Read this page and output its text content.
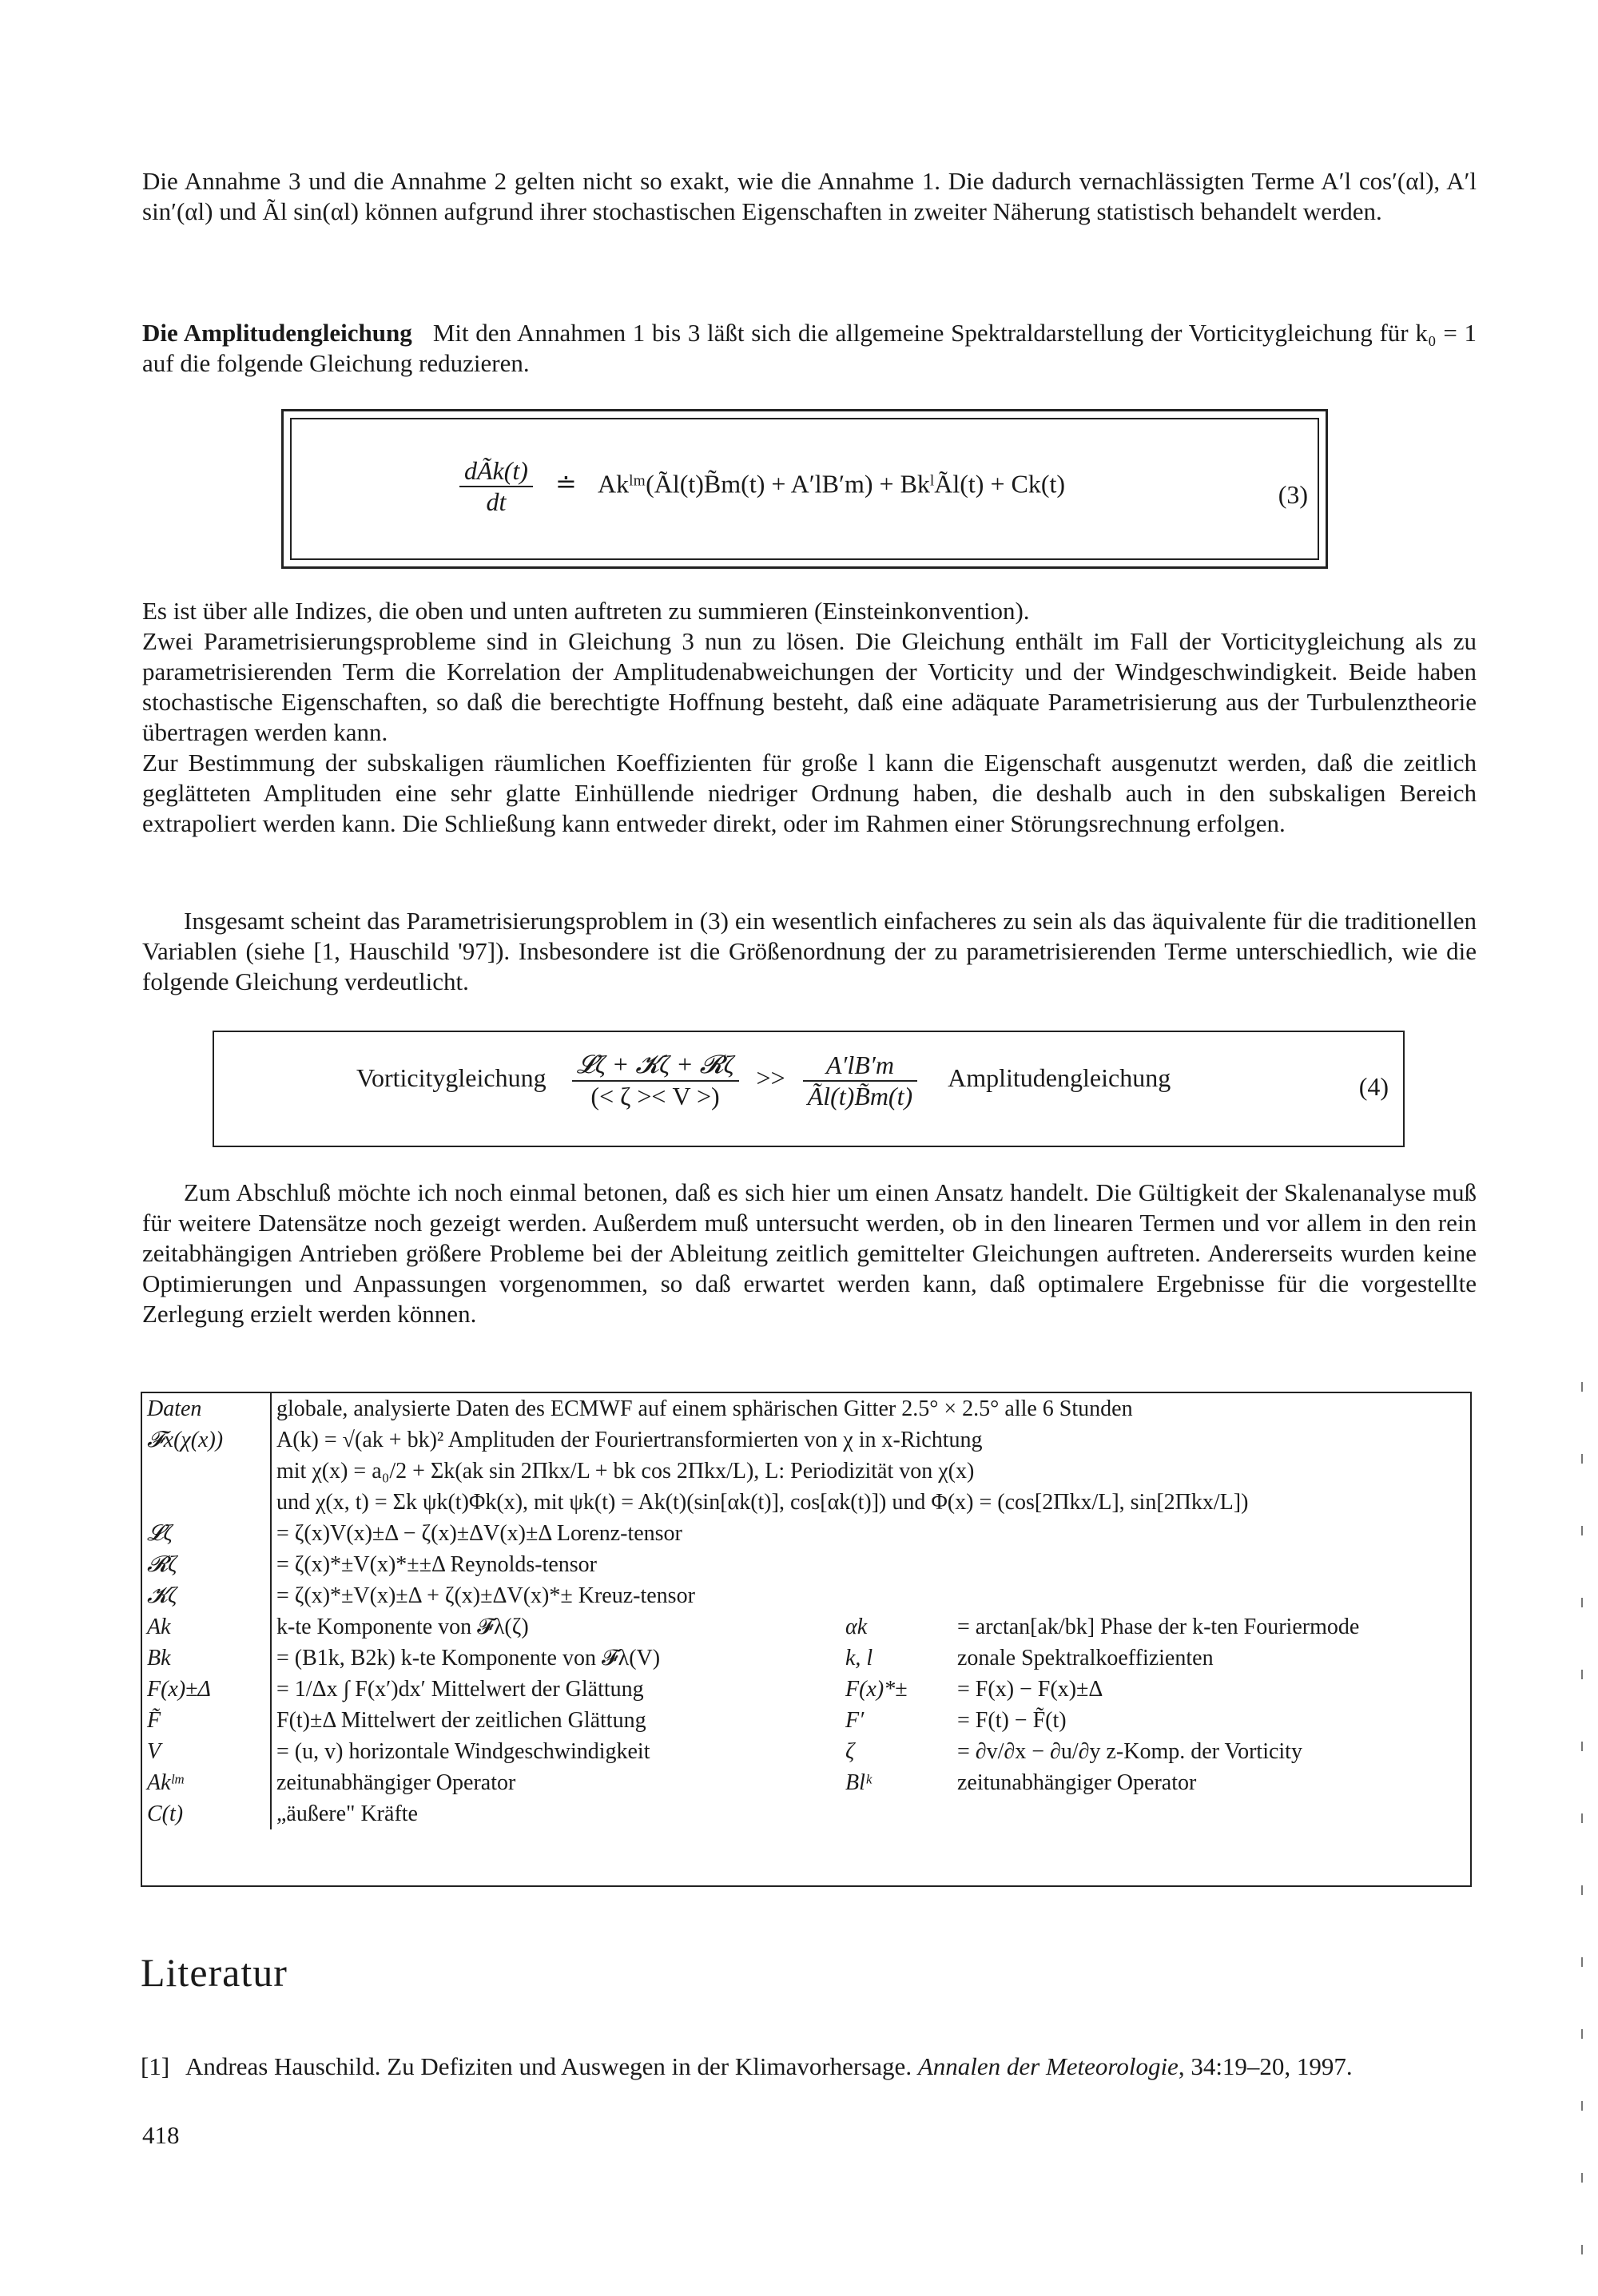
Die Annahme 3 und die Annahme 2 gelten nicht so exakt, wie die Annahme 1. Die dadurch vernachlässigten Terme A′l cos′(αl), A′l sin′(αl) und Ãl sin(αl) können aufgrund ihrer stochastischen Eigenschaften in zweiter Näherung statistisch behandelt werden.

Die Amplitudengleichung Mit den Annahmen 1 bis 3 läßt sich die allgemeine Spektraldarstellung der Vorticitygleichung für k₀ = 1 auf die folgende Gleichung reduzieren.

$\frac{\text{dÃk(t)}}{dt}$ ≐ Akˡᵐ(Ãl(t)B̃m(t) + A′lB′m) + BkˡÃl(t) + Ck(t)	(3)

Es ist über alle Indizes, die oben und unten auftreten zu summieren (Einsteinkonvention).

Zwei Parametrisierungsprobleme sind in Gleichung 3 nun zu lösen. Die Gleichung enthält im Fall der Vorticitygleichung als zu parametrisierenden Term die Korrelation der Amplitudenabweichungen der Vorticity und der Windgeschwindigkeit. Beide haben stochastische Eigenschaften, so daß die berechtigte Hoffnung besteht, daß eine adäquate Parametrisierung aus der Turbulenztheorie übertragen werden kann.

Zur Bestimmung der subskaligen räumlichen Koeffizienten für große l kann die Eigenschaft ausgenutzt werden, daß die zeitlich geglätteten Amplituden eine sehr glatte Einhüllende niedriger Ordnung haben, die deshalb auch in den subskaligen Bereich extrapoliert werden kann. Die Schließung kann entweder direkt, oder im Rahmen einer Störungsrechnung erfolgen.

Insgesamt scheint das Parametrisierungsproblem in (3) ein wesentlich einfacheres zu sein als das äquivalente für die traditionellen Variablen (siehe [1, Hauschild '97]). Insbesondere ist die Größenordnung der zu parametrisierenden Terme unterschiedlich, wie die folgende Gleichung verdeutlicht.

Vorticitygleichung $\frac{\text{𝓛ζ + 𝓚ζ + 𝓡ζ}}{(< \zeta >< V >)} >> \frac{A'lB'm}{Ãl(t)B̃m(t)}$ Amplitudengleichung	(4)

Zum Abschluß möchte ich noch einmal betonen, daß es sich hier um einen Ansatz handelt. Die Gültigkeit der Skalenanalyse muß für weitere Datensätze noch gezeigt werden. Außerdem muß untersucht werden, ob in den linearen Termen und vor allem in den rein zeitabhängigen Antrieben größere Probleme bei der Ableitung zeitlich gemittelter Gleichungen auftreten. Andererseits wurden keine Optimierungen und Anpassungen vorgenommen, so daß erwartet werden kann, daß optimalere Ergebnisse für die vorgestellte Zerlegung erzielt werden können.

Daten	globale, analysierte Daten des ECMWF auf einem sphärischen Gitter 2.5° × 2.5° alle 6 Stunden		
𝓕x(χ(x))	A(k) = √(ak + bk)² Amplituden der Fouriertransformierten von χ in x-Richtung		
	mit χ(x) = a₀/2 + Σk(ak sin 2Πkx/L + bk cos 2Πkx/L), L: Periodizität von χ(x)		
	und χ(x, t) = Σk ψk(t)Φk(x), mit ψk(t) = Ak(t)(sin[αk(t)], cos[αk(t)]) und Φ(x) = (cos[2Πkx/L], sin[2Πkx/L])		
𝓛ζ	= ζ(x)V(x)±Δ − ζ(x)±ΔV(x)±Δ Lorenz-tensor		
𝓡ζ	= ζ(x)*±V(x)*±±Δ Reynolds-tensor		
𝓚ζ	= ζ(x)*±V(x)±Δ + ζ(x)±ΔV(x)*± Kreuz-tensor		
Ak	k-te Komponente von 𝓕λ(ζ)	αk	= arctan[ak/bk] Phase der k-ten Fouriermode
Bk	= (B1k, B2k) k-te Komponente von 𝓕λ(V)	k, l	zonale Spektralkoeffizienten
F(x)±Δ	= 1/Δx ∫ F(x′)dx′ Mittelwert der Glättung	F(x)*±	= F(x) − F(x)±Δ
F̃	F(t)±Δ Mittelwert der zeitlichen Glättung	F′	= F(t) − F̃(t)
V	= (u, v) horizontale Windgeschwindigkeit	ζ	= ∂v/∂x − ∂u/∂y z-Komp. der Vorticity
Akˡᵐ	zeitunabhängiger Operator	Blᵏ	zeitunabhängiger Operator
C(t)	„äußere" Kräfte		
Literatur
[1] Andreas Hauschild. Zu Defiziten und Auswegen in der Klimavorhersage. Annalen der Meteorologie, 34:19–20, 1997.
418
